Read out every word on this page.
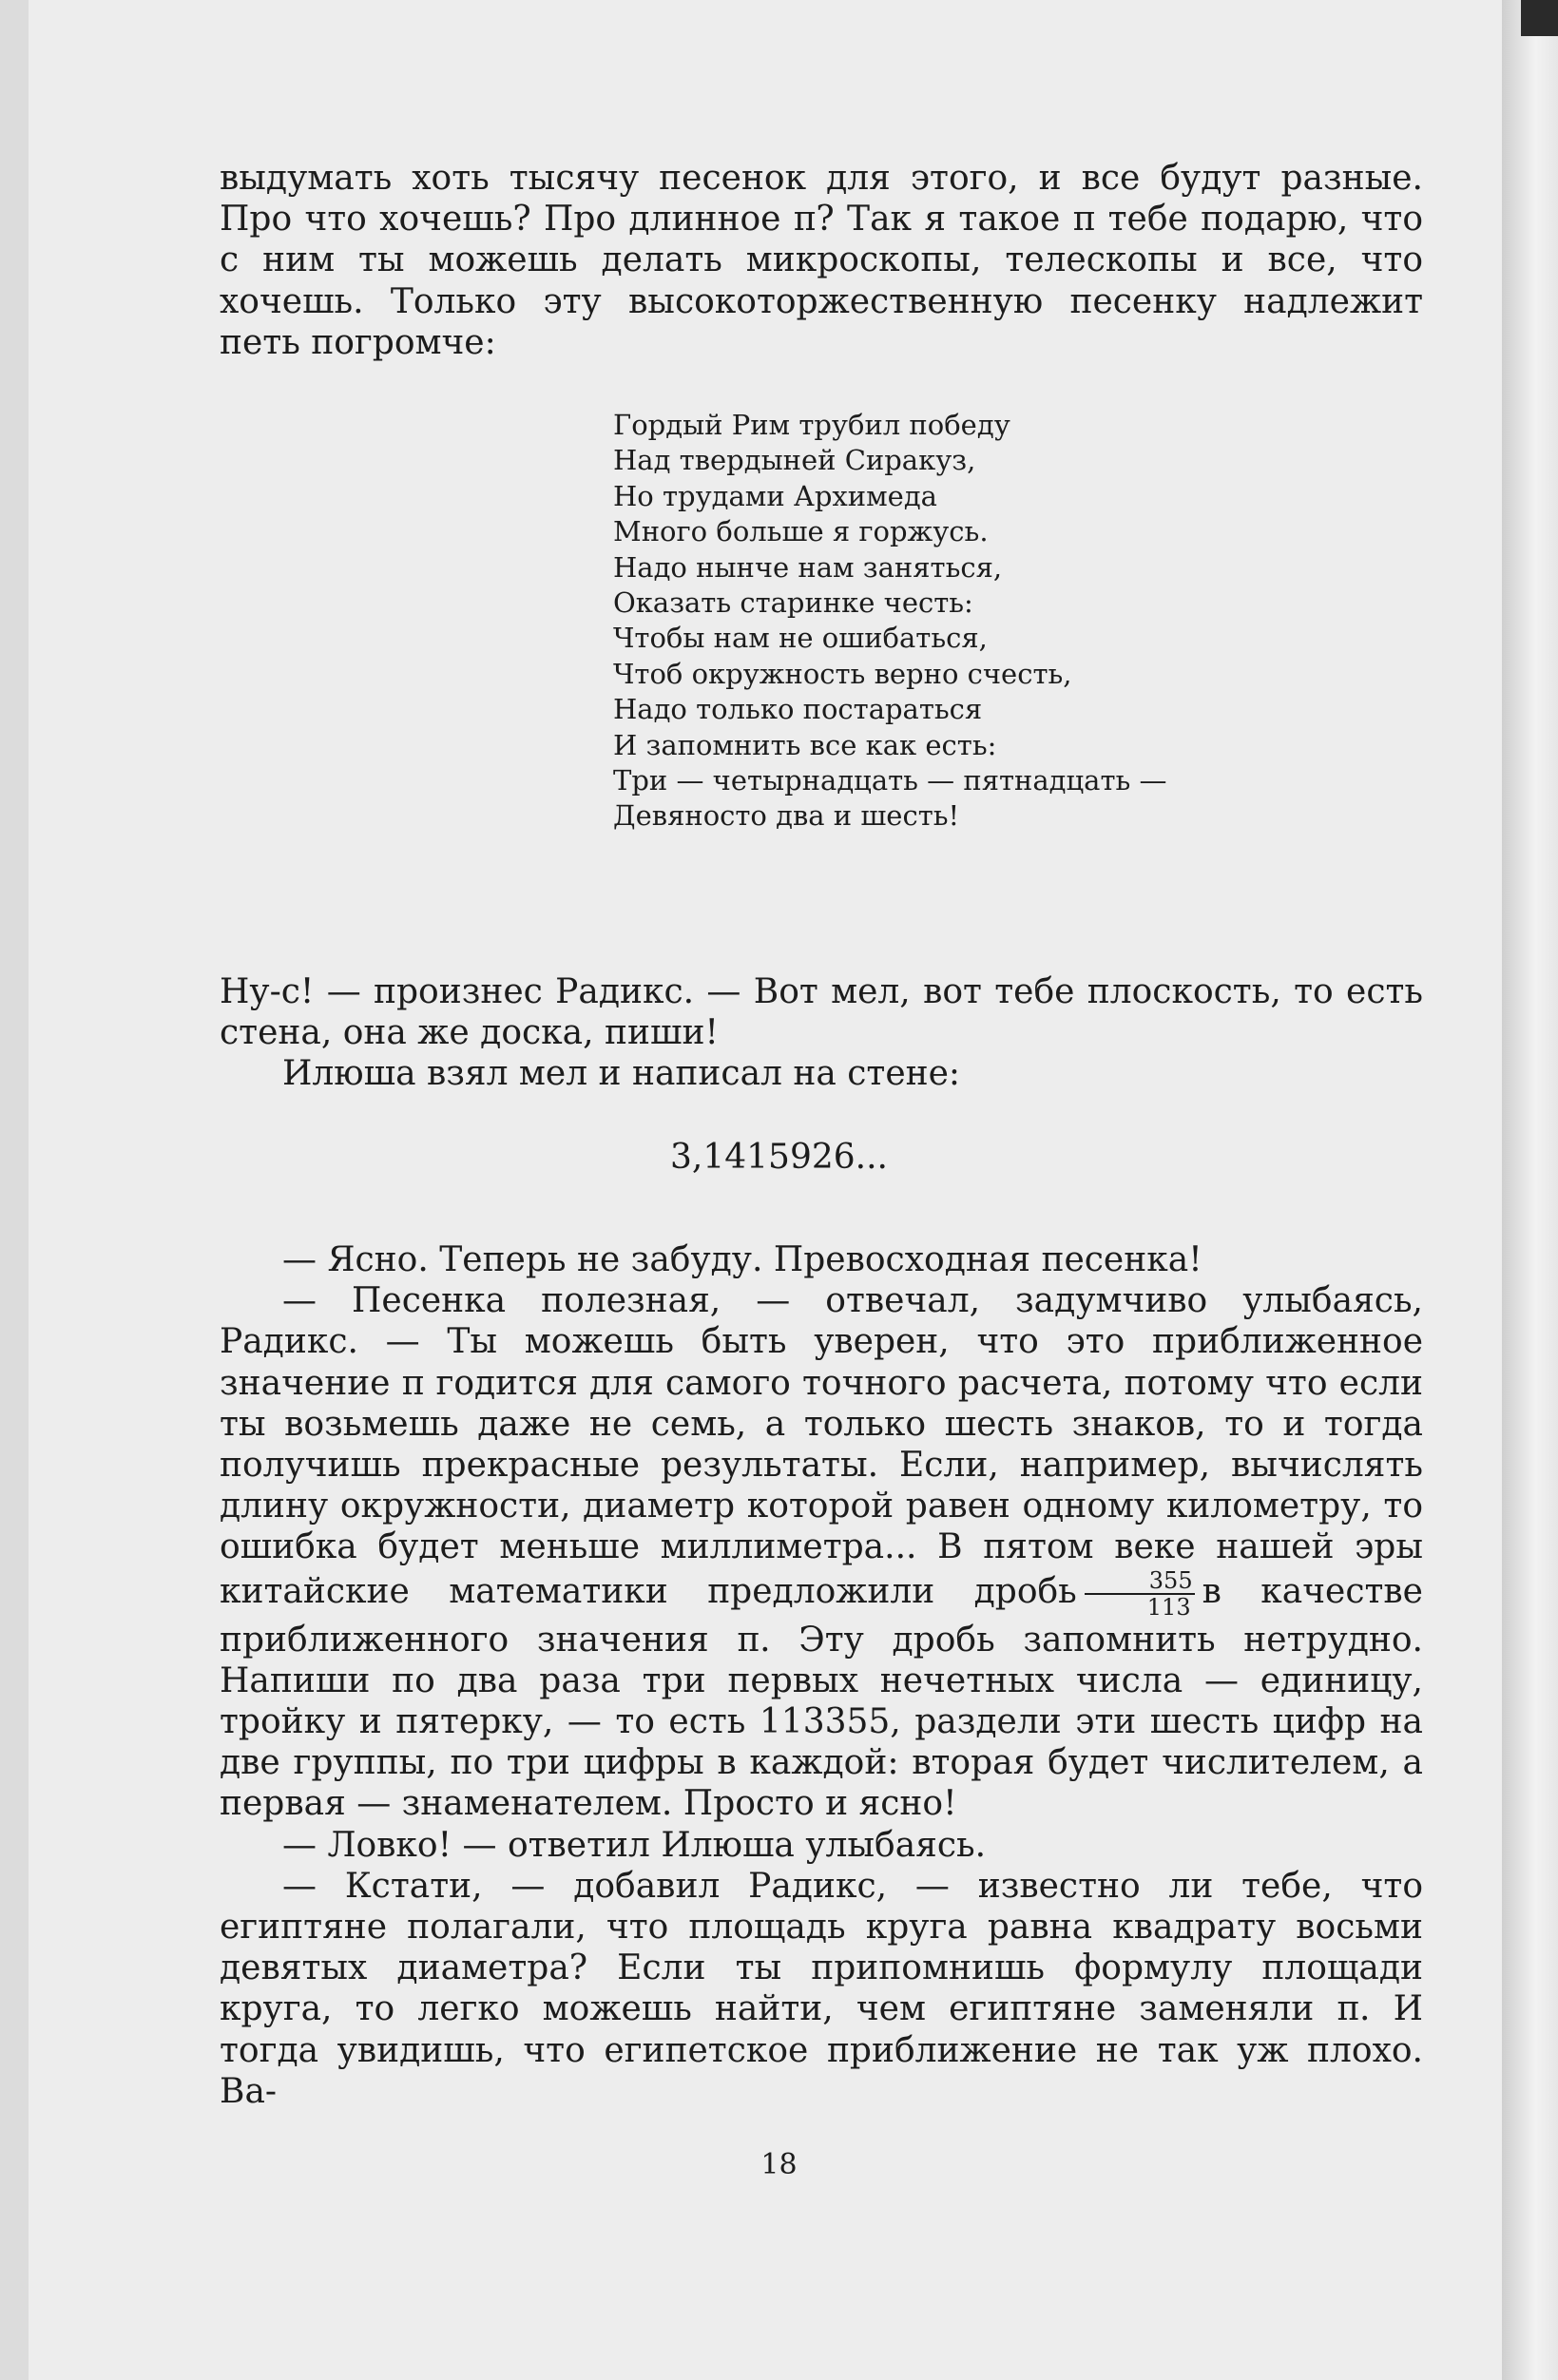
выдумать хоть тысячу песенок для этого, и все будут разные. Про что хочешь? Про длинное π? Так я такое π тебе подарю, что с ним ты можешь делать микроскопы, телескопы и все, что хочешь. Только эту высокоторжественную песенку надлежит петь погромче:

Гордый Рим трубил победу
Над твердыней Сиракуз,
Но трудами Архимеда
Много больше я горжусь.
Надо нынче нам заняться,
Оказать старинке честь:
Чтобы нам не ошибаться,
Чтоб окружность верно счесть,
Надо только постараться
И запомнить все как есть:
Три — четырнадцать — пятнадцать —
Девяносто два и шесть!

Ну-с! — произнес Радикс. — Вот мел, вот тебе плоскость, то есть стена, она же доска, пиши!

Илюша взял мел и написал на стене:

3,1415926...

— Ясно. Теперь не забуду. Превосходная песенка!

— Песенка полезная, — отвечал, задумчиво улыбаясь, Радикс. — Ты можешь быть уверен, что это приближенное значение π годится для самого точного расчета, потому что если ты возьмешь даже не семь, а только шесть знаков, то и тогда получишь прекрасные результаты. Если, например, вычислять длину окружности, диаметр которой равен одному километру, то ошибка будет меньше миллиметра... В пятом веке нашей эры китайские математики предложили дробь $\frac{355}{113}$ в качестве приближенного значения π. Эту дробь запомнить нетрудно. Напиши по два раза три первых нечетных числа — единицу, тройку и пятерку, — то есть 113355, раздели эти шесть цифр на две группы, по три цифры в каждой: вторая будет числителем, а первая — знаменателем. Просто и ясно!

— Ловко! — ответил Илюша улыбаясь.

— Кстати, — добавил Радикс, — известно ли тебе, что египтяне полагали, что площадь круга равна квадрату восьми девятых диаметра? Если ты припомнишь формулу площади круга, то легко можешь найти, чем египтяне заменяли π. И тогда увидишь, что египетское приближение не так уж плохо. Ва-

18
